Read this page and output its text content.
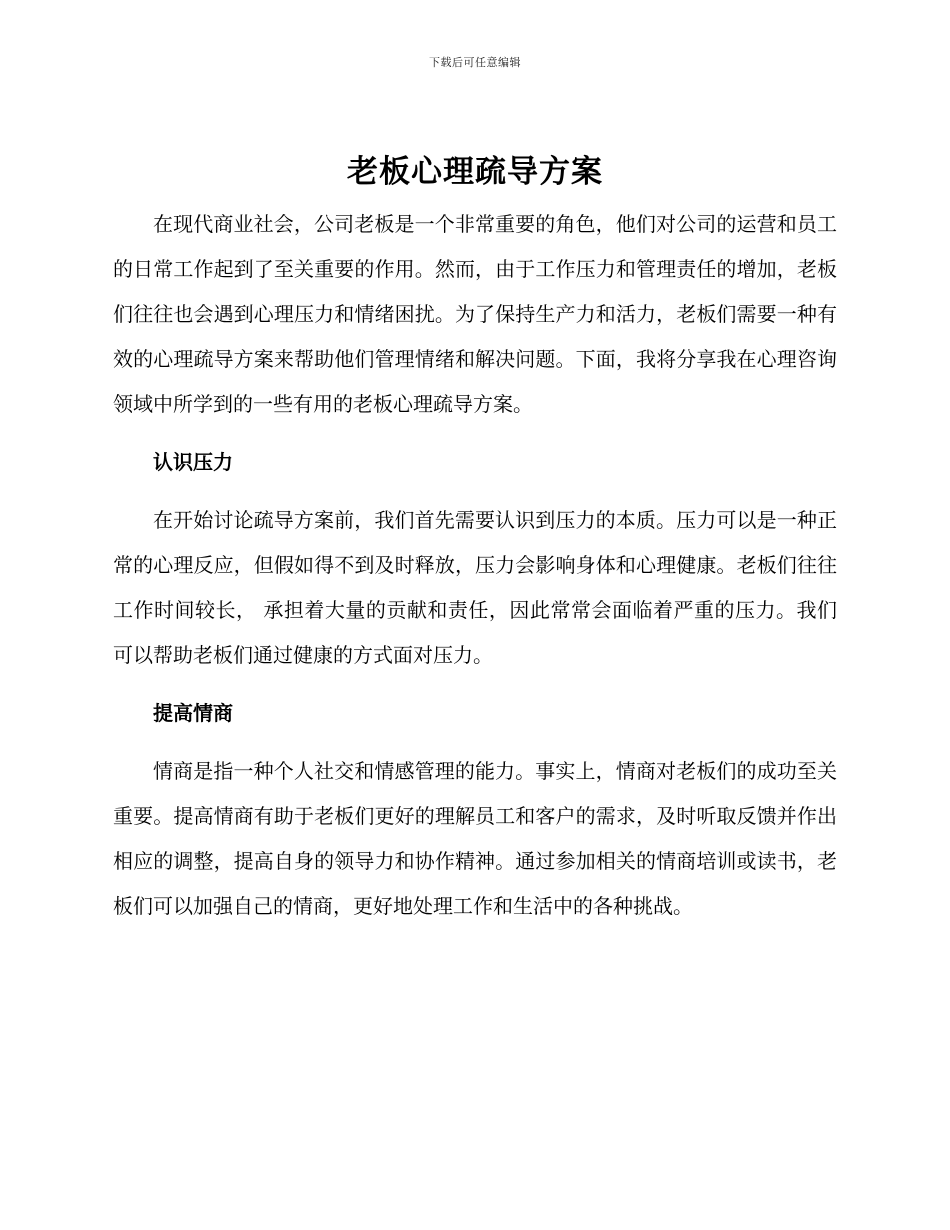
下载后可任意编辑
老板心理疏导方案

在现代商业社会，公司老板是一个非常重要的角色，他们对公司的运营和员工的日常工作起到了至关重要的作用。然而，由于工作压力和管理责任的增加，老板们往往也会遇到心理压力和情绪困扰。为了保持生产力和活力，老板们需要一种有效的心理疏导方案来帮助他们管理情绪和解决问题。下面，我将分享我在心理咨询领域中所学到的一些有用的老板心理疏导方案。

认识压力

在开始讨论疏导方案前，我们首先需要认识到压力的本质。压力可以是一种正常的心理反应，但假如得不到及时释放，压力会影响身体和心理健康。老板们往往工作时间较长， 承担着大量的贡献和责任，因此常常会面临着严重的压力。我们可以帮助老板们通过健康的方式面对压力。

提高情商

情商是指一种个人社交和情感管理的能力。事实上，情商对老板们的成功至关重要。提高情商有助于老板们更好的理解员工和客户的需求，及时听取反馈并作出相应的调整，提高自身的领导力和协作精神。通过参加相关的情商培训或读书，老板们可以加强自己的情商，更好地处理工作和生活中的各种挑战。
